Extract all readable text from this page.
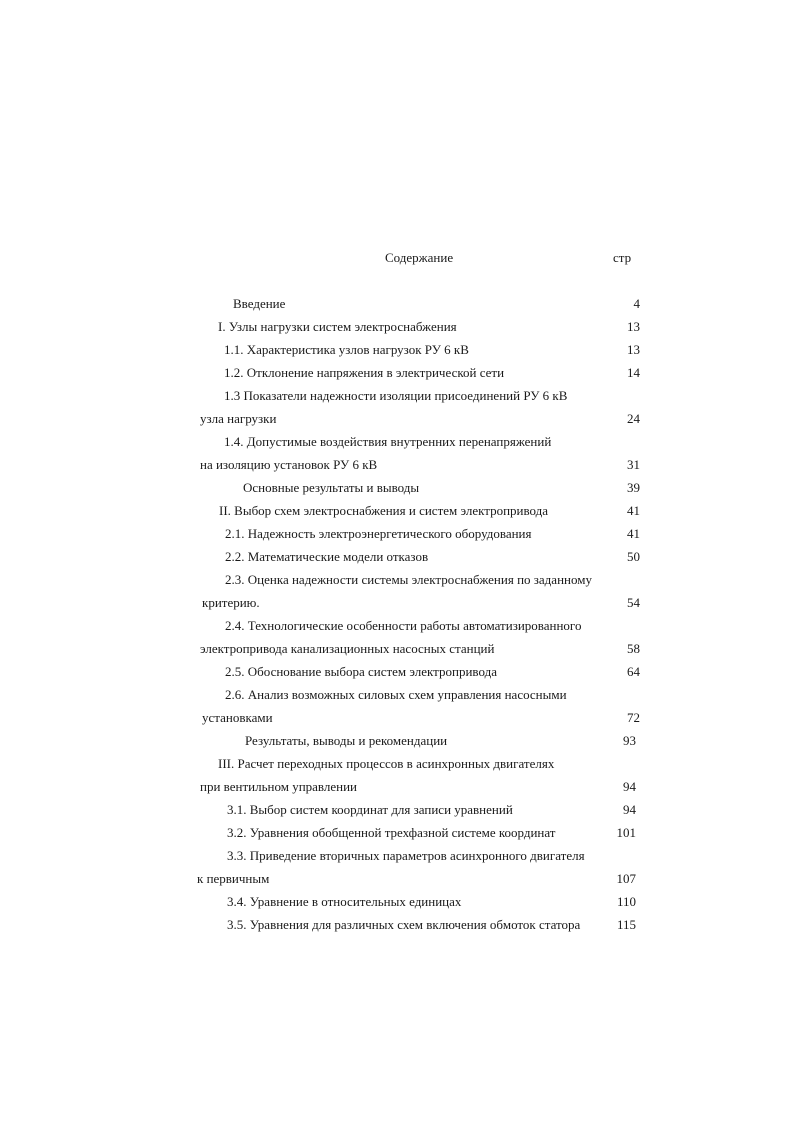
Содержание	стр
Введение	4
I. Узлы нагрузки систем электроснабжения	13
1.1. Характеристика узлов нагрузок РУ 6 кВ	13
1.2. Отклонение напряжения в электрической сети	14
1.3 Показатели надежности изоляции присоединений РУ 6 кВ
узла нагрузки	24
1.4. Допустимые воздействия внутренних перенапряжений
на изоляцию установок РУ 6 кВ	31
Основные результаты и выводы	39
II. Выбор схем электроснабжения и систем электропривода	41
2.1. Надежность электроэнергетического оборудования	41
2.2. Математические модели отказов	50
2.3. Оценка надежности системы электроснабжения по заданному
критерию.	54
2.4. Технологические особенности работы автоматизированного
электропривода канализационных насосных станций	58
2.5. Обоснование выбора систем электропривода	64
2.6. Анализ возможных силовых схем управления насосными
установками	72
Результаты, выводы и рекомендации	93
III. Расчет переходных процессов в асинхронных двигателях
при вентильном управлении	94
3.1. Выбор систем координат для записи уравнений	94
3.2. Уравнения обобщенной трехфазной системе координат	101
3.3. Приведение вторичных параметров асинхронного двигателя
к первичным	107
3.4. Уравнение в относительных единицах	110
3.5. Уравнения для различных схем включения обмоток статора	115
